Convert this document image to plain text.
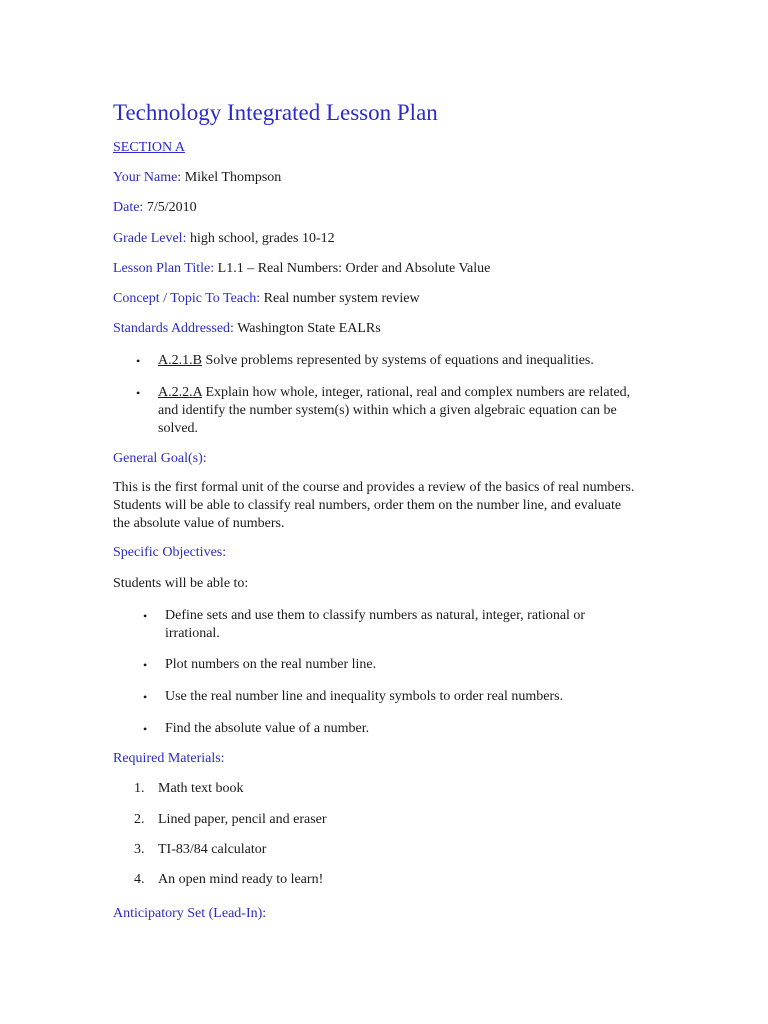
Technology Integrated Lesson Plan
SECTION A
Your Name: Mikel Thompson
Date: 7/5/2010
Grade Level: high school, grades 10-12
Lesson Plan Title: L1.1 – Real Numbers: Order and Absolute Value
Concept / Topic To Teach: Real number system review
Standards Addressed: Washington State EALRs
• A.2.1.B Solve problems represented by systems of equations and inequalities.
• A.2.2.A Explain how whole, integer, rational, real and complex numbers are related, and identify the number system(s) within which a given algebraic equation can be solved.
General Goal(s):
This is the first formal unit of the course and provides a review of the basics of real numbers. Students will be able to classify real numbers, order them on the number line, and evaluate the absolute value of numbers.
Specific Objectives:
Students will be able to:
• Define sets and use them to classify numbers as natural, integer, rational or irrational.
• Plot numbers on the real number line.
• Use the real number line and inequality symbols to order real numbers.
• Find the absolute value of a number.
Required Materials:
1. Math text book
2. Lined paper, pencil and eraser
3. TI-83/84 calculator
4. An open mind ready to learn!
Anticipatory Set (Lead-In):
